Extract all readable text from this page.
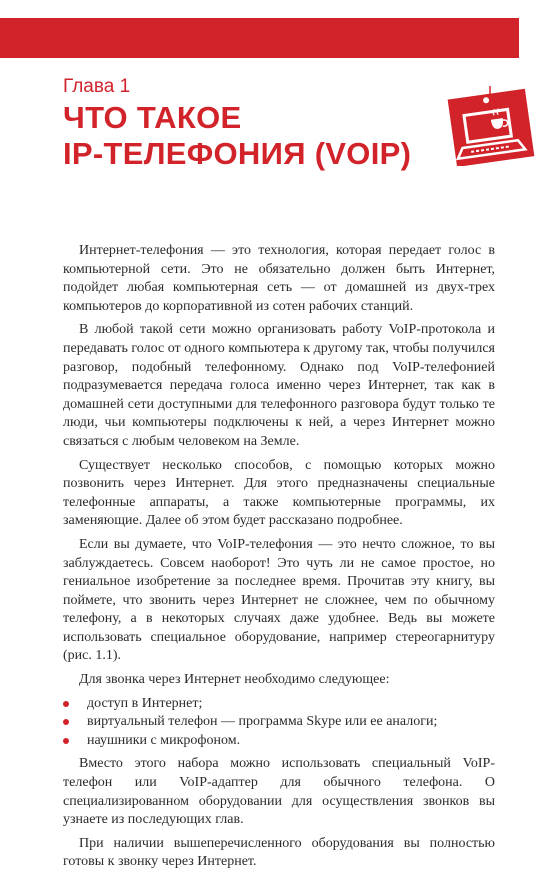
Глава 1
ЧТО ТАКОЕ
IP-ТЕЛЕФОНИЯ (VOIP)

Интернет-телефония — это технология, которая передает голос в компьютерной сети. Это не обязательно должен быть Интернет, подойдет любая компьютерная сеть — от домашней из двух-трех компьютеров до корпоративной из сотен рабочих станций.

В любой такой сети можно организовать работу VoIP-протокола и передавать голос от одного компьютера к другому так, чтобы получился разговор, подобный телефонному. Однако под VoIP-телефонией подразумевается передача голоса именно через Интернет, так как в домашней сети доступными для телефонного разговора будут только те люди, чьи компьютеры подключены к ней, а через Интернет можно связаться с любым человеком на Земле.

Существует несколько способов, с помощью которых можно позвонить через Интернет. Для этого предназначены специальные телефонные аппараты, а также компьютерные программы, их заменяющие. Далее об этом будет рассказано подробнее.

Если вы думаете, что VoIP-телефония — это нечто сложное, то вы заблуждаетесь. Совсем наоборот! Это чуть ли не самое простое, но гениальное изобретение за последнее время. Прочитав эту книгу, вы поймете, что звонить через Интернет не сложнее, чем по обычному телефону, а в некоторых случаях даже удобнее. Ведь вы можете использовать специальное оборудование, например стереогарнитуру (рис. 1.1).

Для звонка через Интернет необходимо следующее:

доступ в Интернет;
виртуальный телефон — программа Skype или ее аналоги;
наушники с микрофоном.

Вместо этого набора можно использовать специальный VoIP-телефон или VoIP-адаптер для обычного телефона. О специализированном оборудовании для осуществления звонков вы узнаете из последующих глав.

При наличии вышеперечисленного оборудования вы полностью готовы к звонку через Интернет.
